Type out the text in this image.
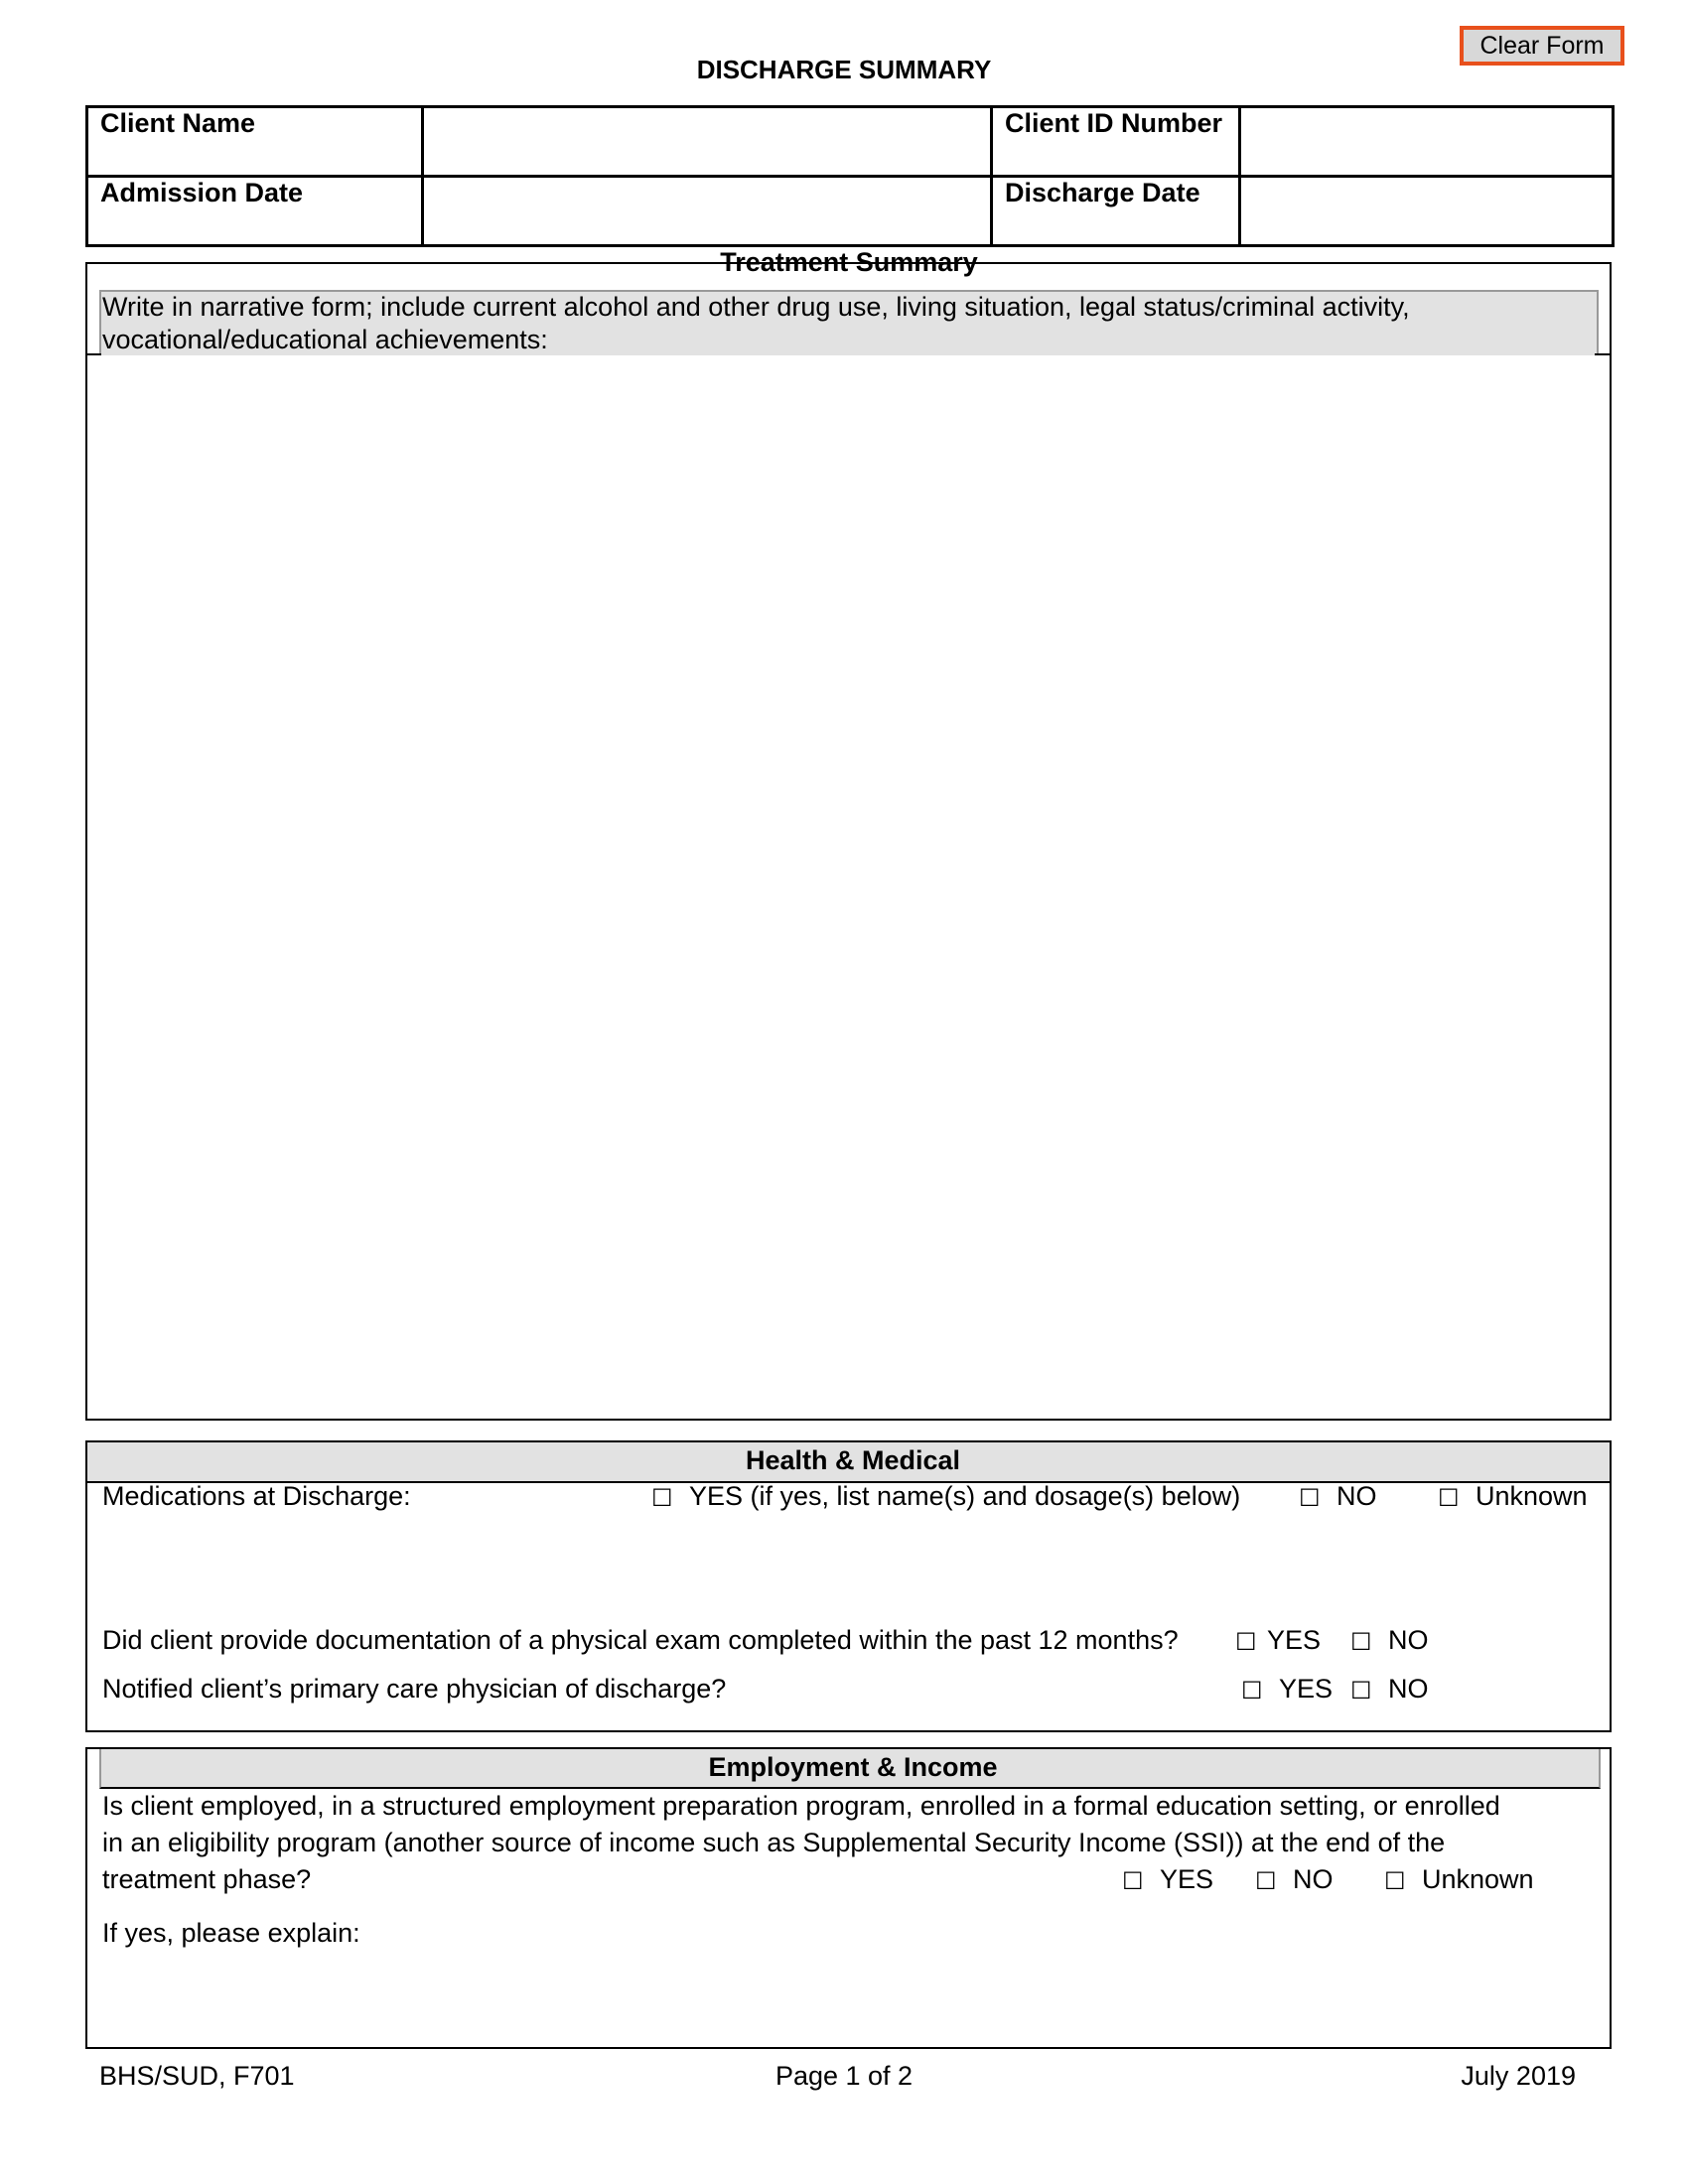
Clear Form
DISCHARGE SUMMARY
Client Name		Client ID Number	
Admission Date		Discharge Date	
Treatment Summary
Write in narrative form; include current alcohol and other drug use, living situation, legal status/criminal activity,
vocational/educational achievements:
Health & Medical
Medications at Discharge:	☐ YES (if yes, list name(s) and dosage(s) below) ☐ NO	☐ Unknown
Did client provide documentation of a physical exam completed within the past 12 months? ☐ YES ☐ NO
Notified client’s primary care physician of discharge?	☐ YES ☐ NO
Employment & Income
Is client employed, in a structured employment preparation program, enrolled in a formal education setting, or enrolled
in an eligibility program (another source of income such as Supplemental Security Income (SSI)) at the end of the
treatment phase?	☐ YES ☐ NO ☐ Unknown
If yes, please explain:
BHS/SUD, F701	Page 1 of 2	July 2019
